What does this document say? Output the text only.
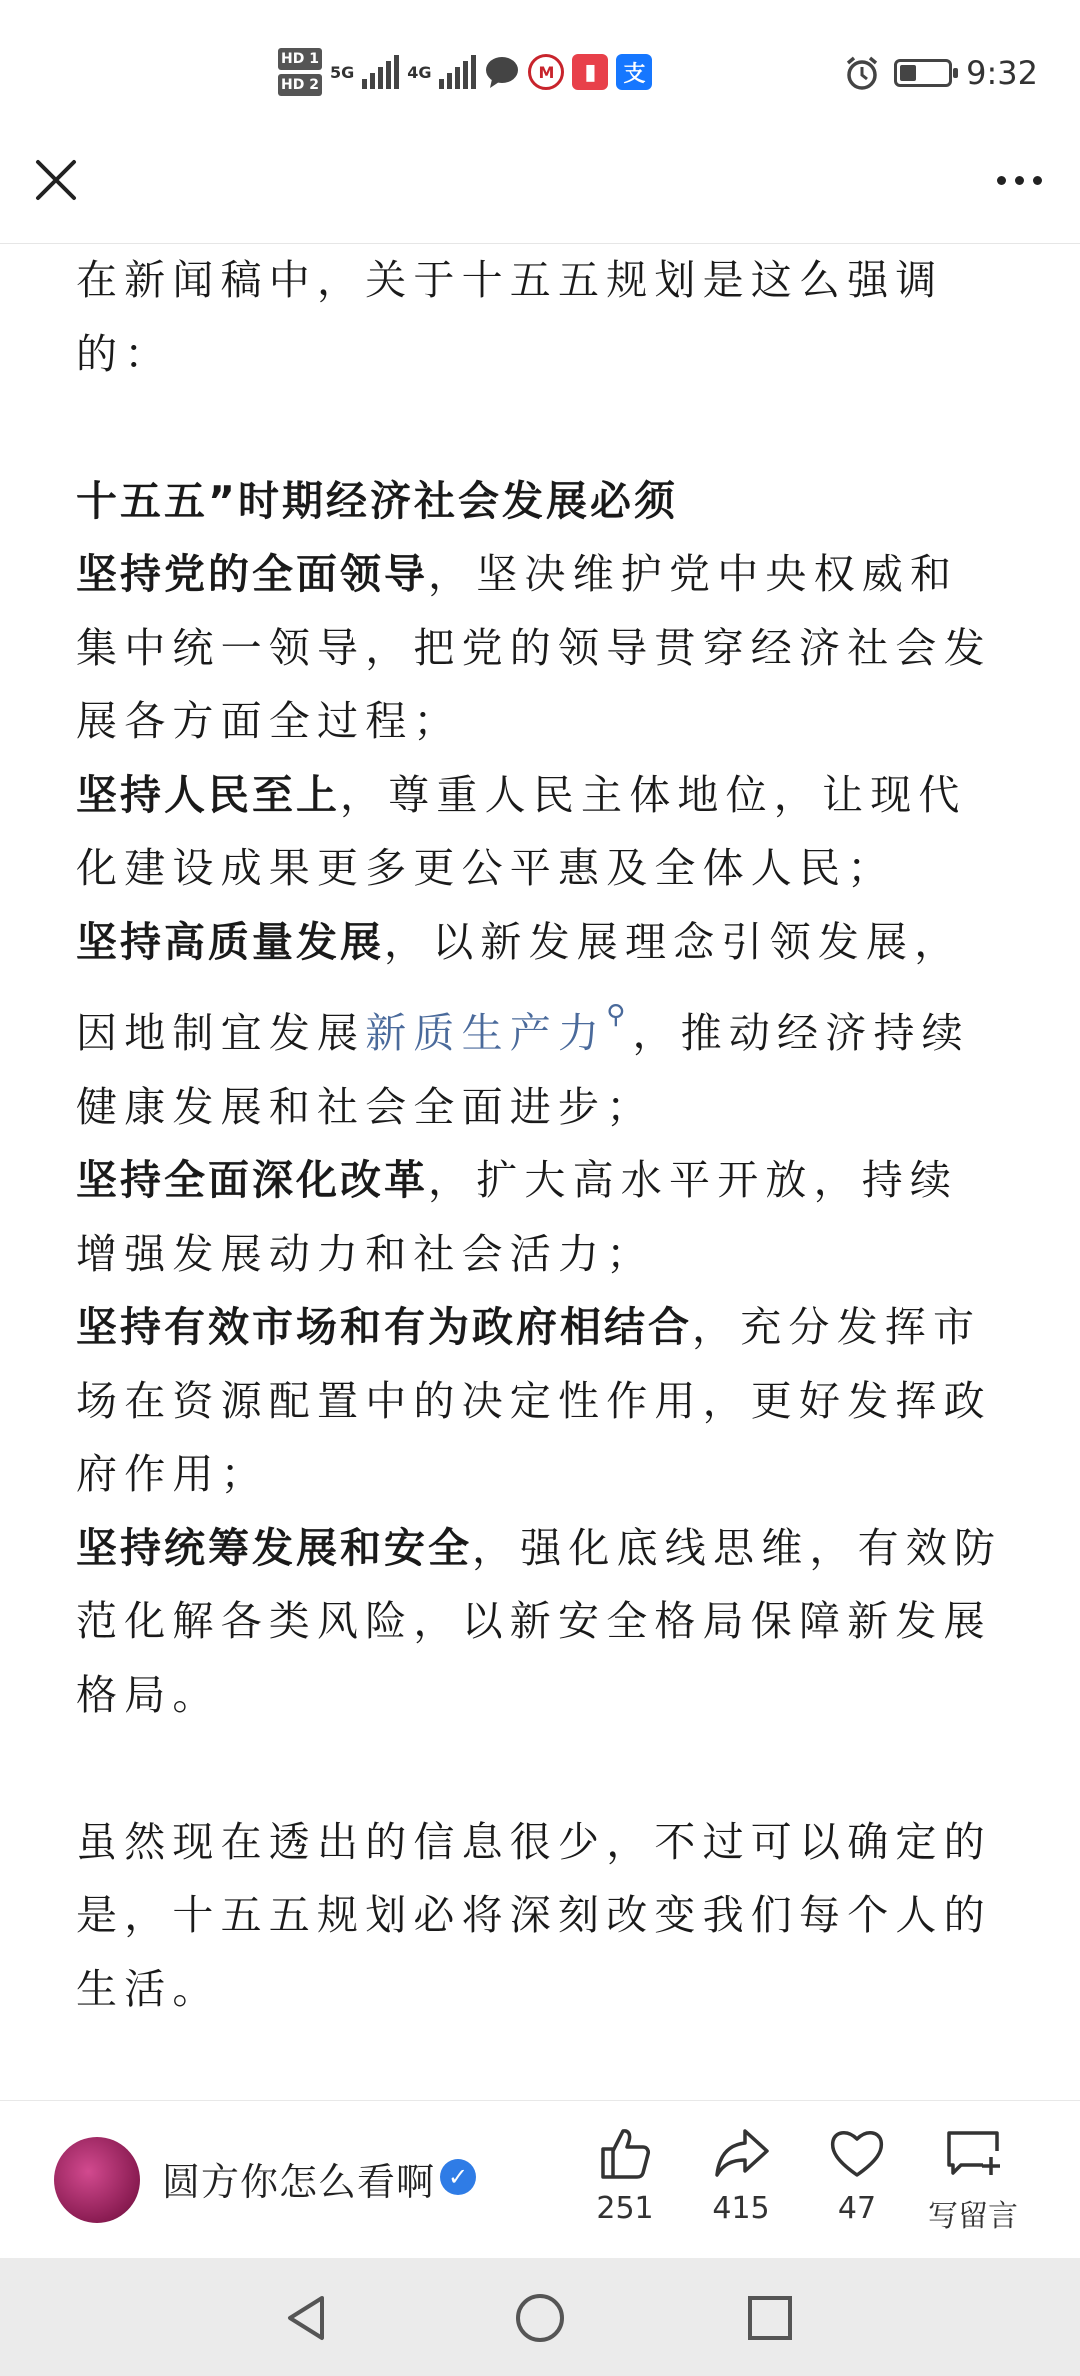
HD 1
HD 2
5G	4G	M	▮	支	9:32

在新闻稿中，关于十五五规划是这么强调的：

十五五”时期经济社会发展必须

坚持党的全面领导，坚决维护党中央权威和集中统一领导，把党的领导贯穿经济社会发展各方面全过程；

坚持人民至上，尊重人民主体地位，让现代化建设成果更多更公平惠及全体人民；

坚持高质量发展，以新发展理念引领发展，因地制宜发展新质生产力⚲，推动经济持续健康发展和社会全面进步；

坚持全面深化改革，扩大高水平开放，持续增强发展动力和社会活力；

坚持有效市场和有为政府相结合，充分发挥市场在资源配置中的决定性作用，更好发挥政府作用；

坚持统筹发展和安全，强化底线思维，有效防范化解各类风险，以新安全格局保障新发展格局。

虽然现在透出的信息很少，不过可以确定的是，十五五规划必将深刻改变我们每个人的生活。

圆方你怎么看啊 ✓
251	415	47	写留言
